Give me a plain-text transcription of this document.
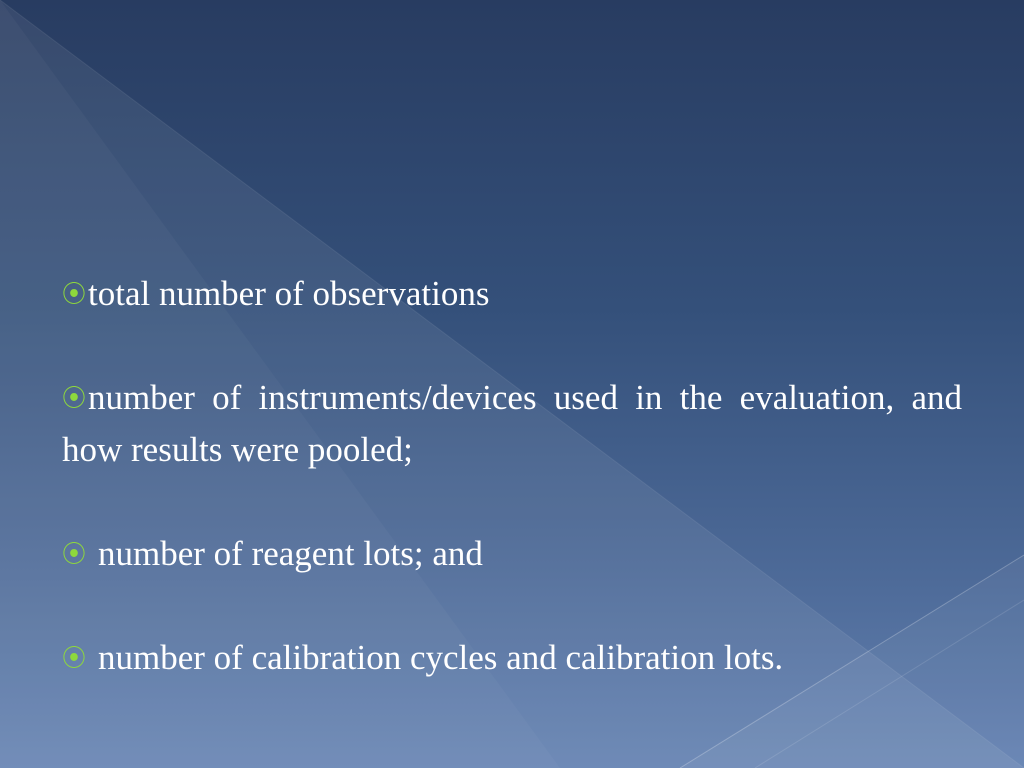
⦿total number of observations
⦿number of instruments/devices used in the evaluation, and how results were pooled;
⦿ number of reagent lots; and
⦿ number of calibration cycles and calibration lots.
